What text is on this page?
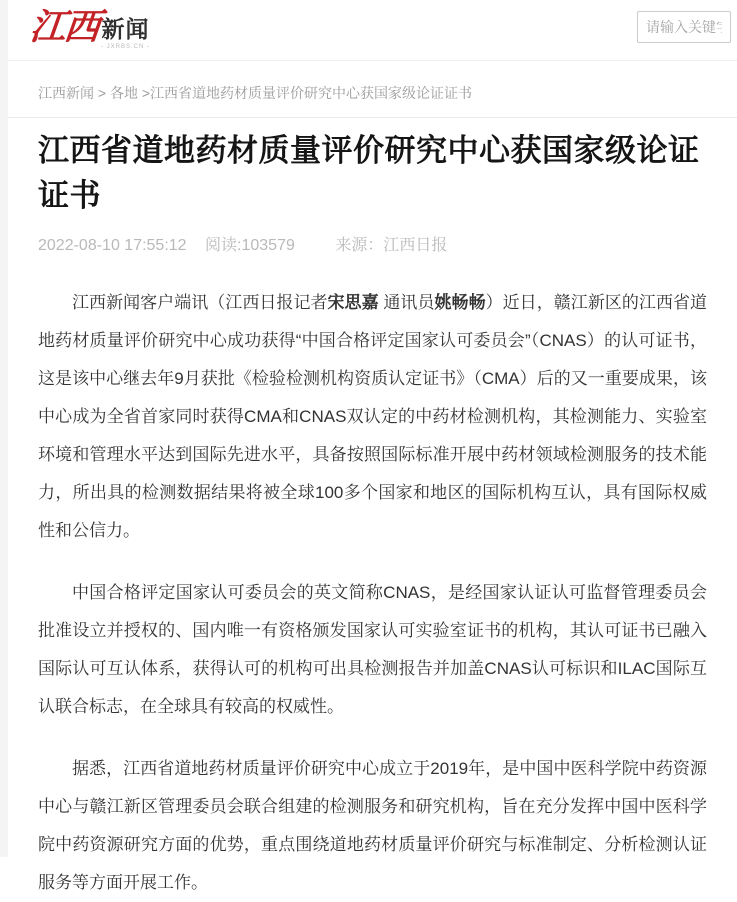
江西 新闻
- JXRBS.CN -
请输入关键字
江西新闻 > 各地 >江西省道地药材质量评价研究中心获国家级论证证书
江西省道地药材质量评价研究中心获国家级论证证书
2022-08-10 17:55:12 阅读:103579	来源：江西日报

江西新闻客户端讯（江西日报记者宋思嘉 通讯员姚畅畅）近日，赣江新区的江西省道地药材质量评价研究中心成功获得“中国合格评定国家认可委员会”（CNAS）的认可证书，这是该中心继去年9月获批《检验检测机构资质认定证书》（CMA）后的又一重要成果，该中心成为全省首家同时获得CMA和CNAS双认定的中药材检测机构，其检测能力、实验室环境和管理水平达到国际先进水平，具备按照国际标准开展中药材领域检测服务的技术能力，所出具的检测数据结果将被全球100多个国家和地区的国际机构互认，具有国际权威性和公信力。

中国合格评定国家认可委员会的英文简称CNAS，是经国家认证认可监督管理委员会批准设立并授权的、国内唯一有资格颁发国家认可实验室证书的机构，其认可证书已融入国际认可互认体系，获得认可的机构可出具检测报告并加盖CNAS认可标识和ILAC国际互认联合标志，在全球具有较高的权威性。

据悉，江西省道地药材质量评价研究中心成立于2019年，是中国中医科学院中药资源中心与赣江新区管理委员会联合组建的检测服务和研究机构，旨在充分发挥中国中医科学院中药资源研究方面的优势，重点围绕道地药材质量评价研究与标准制定、分析检测认证服务等方面开展工作。
